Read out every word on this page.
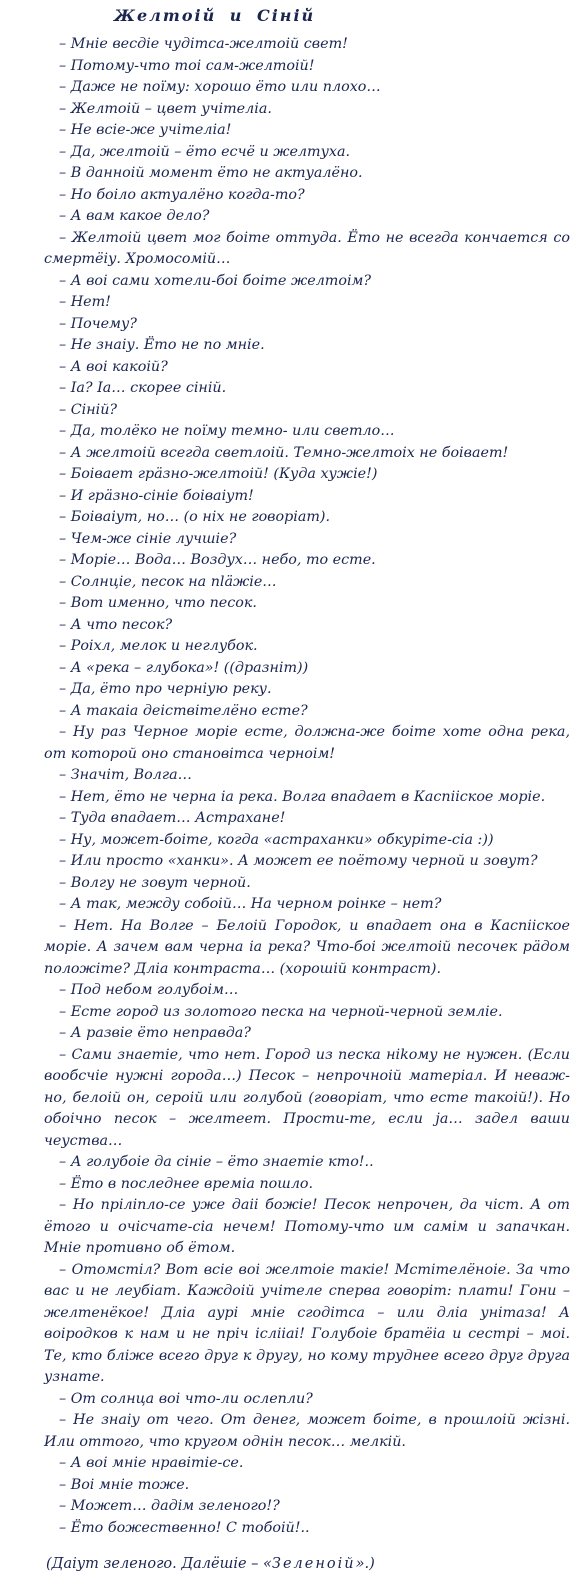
Желтоій и Сіній

– Мніе весдіе чудітса-желтоій свет!

– Потому-что тоі сам-желтоій!

– Даже не поїму: хорошо ётo или плохо…

– Желтоій – цвет учітеліа.

– Не всіе-же учітеліа!

– Да, желтоій – ёто есчё и желтуха.

– В данноій момент ёто не актуалёно.

– Но боіло актуалёно когда-то?

– А вам какое дело?

– Желтоій цвет мог боіте оттуда. Ёто не всегда кончается со смертёіу. Хромосомій…

– А воі сами хотели-боі боіте желтоім?

– Нет!

– Почему?

– Не знаіу. Ёто не по мніе.

– А воі какоій?

– Іа? Іа… скорее сіній.

– Сіній?

– Да, толёко не поїму темно- или светло…

– А желтоій всегда светлоій. Темно-желтоіх не боівает!

– Боівает грäзно-желтоій! (Куда хужіе!)

– И грäзно-сініе боіваіут!

– Боіваіут, но… (о ніх не говоріат).

– Чем-же сініе лучшіе?

– Моріе… Вода… Воздух… небо, то есте.

– Солнціе, песок на пläжіе…

– Вот именно, что песок.

– А что песок?

– Роіхл, мелок и неглубок.

– А «река – глубока»! ((дразніт))

– Да, ёто про черніую реку.

– А такаіа деіствітелёно есте?

– Ну раз Черное моріе есте, должна-же боіте хоте одна река, от которой оно становітса черноім!

– Значіт, Волга…

– Нет, ёто не черна іа река. Волга впадает в Каспііское моріе.

– Туда впадает… Астрахане!

– Ну, может-боіте, когда «астраханки» обкуріте-сіа :))

– Или просто «ханки». А может ее поётому черной и зовут?

– Волгу не зовут черной.

– А так, между собоій… На черном роінке – нет?

– Нет. На Волге – Белоій Городок, и впадает она в Каспііское моріе. А зачем вам черна іа река? Что-боі желтоій песочек рäдом положіте? Дліа контраста… (хорошій контраст).

– Под небом голубоім…

– Есте город из золотого песка на черной-черной земліе.

– А развіе ёто неправда?

– Сами знаетіе, что нет. Город из песка ніkому не нужен. (Если вообсчіе нужні города…) Песок – непрочноій матеріал. И неваж-но, белоій он, сероій или голубой (говоріат, что есте такоій!). Но обоічно песок – желтеет. Прости-те, если ja… задел ваши чеуства…

– А голубоіе да сініе – ёто знаетіе кто!..

– Ёто в последнее времіа пошло.

– Но пріліпло-се уже даіі божіе! Песок непрочен, да чіст. А от ётого и очісчате-сіа нечем! Потому-что им самім и запачкан. Мніе противно об ётом.

– Отомстіл? Вот всіе воі желтоіе такіе! Мстітелёноіе. За что вас и не леубіат. Каждоій учітеле сперва говоріт: плати! Гони – желтенёкое! Дліа аурі мніе сгодітса – или дліа унітаза! А воіродков к нам и не пріч іслііаі! Голубоіе братёіа и сестрі – моі. Те, кто бліже всего друг к другу, но кому труднее всего друг друга узнате.

– От солнца воі что-ли ослепли?

– Не знаіу от чего. От денег, может боіте, в прошлоій жізні. Или оттого, что кругом однін песок… мелкій.

– А воі мніе нравітіе-се.

– Воі мніе тоже.

– Может… дадім зеленого!?

– Ёто божественно! С тобоій!..

(Даіут зеленого. Далёшіе – «Зеленоій».)
